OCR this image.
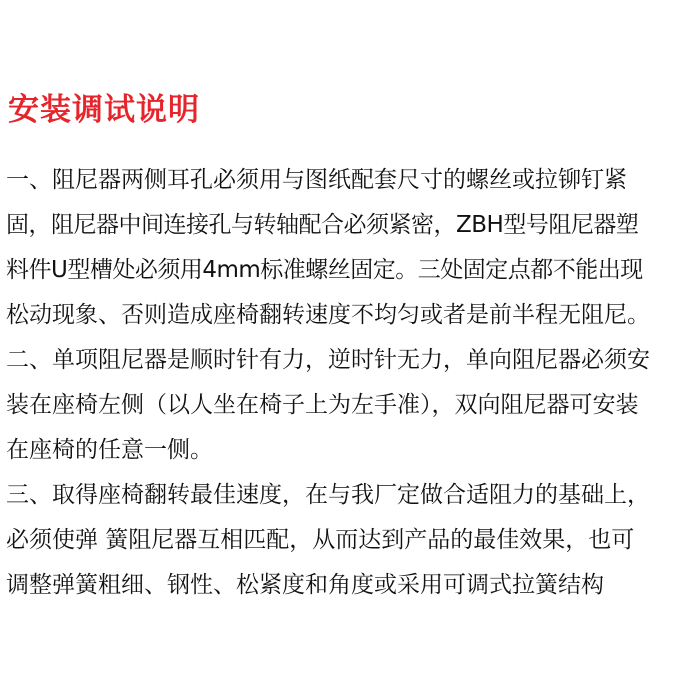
安装调试说明
一、阻尼器两侧耳孔必须用与图纸配套尺寸的螺丝或拉铆钉紧
固，阻尼器中间连接孔与转轴配合必须紧密，ZBH型号阻尼器塑
料件U型槽处必须用4mm标准螺丝固定。三处固定点都不能出现
松动现象、否则造成座椅翻转速度不均匀或者是前半程无阻尼。
二、单项阻尼器是顺时针有力，逆时针无力，单向阻尼器必须安
装在座椅左侧（以人坐在椅子上为左手准），双向阻尼器可安装
在座椅的任意一侧。
三、取得座椅翻转最佳速度，在与我厂定做合适阻力的基础上，
必须使弹 簧阻尼器互相匹配，从而达到产品的最佳效果，也可
调整弹簧粗细、钢性、松紧度和角度或采用可调式拉簧结构
